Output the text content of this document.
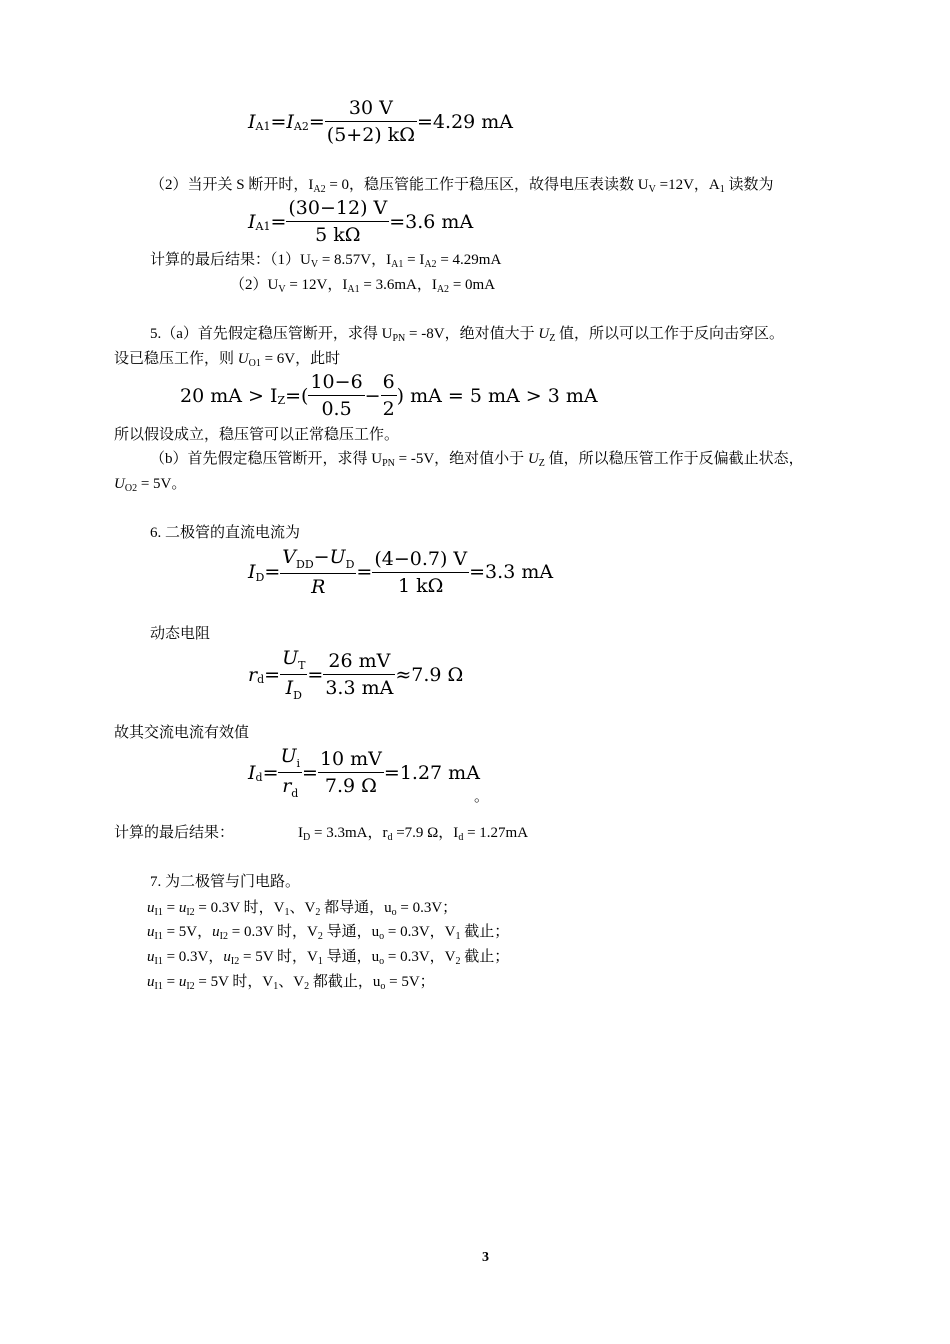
I A1 = I $A2 = \frac{30 V}{(5+2) k\Omega} =4.29$ mA
（2）当开关 S 断开时，$I_{A2} = 0$，稳压管能工作于稳压区，故得电压表读数 $U_V =12V$，$A_1$ 读数为
I $A1 = \frac{(30-12) V}{5 k\Omega} =3.6$ mA
计算的最后结果：$(1)U_V = 8.57V$，$I_{A1} = I_{A2} = 4.29mA$
$(2)U_V = 12V$，$I_{A1} = 3.6mA$，$I_{A2} = 0mA$
5.（a）首先假定稳压管断开，求得 $U_{PN} = -8V$，绝对值大于 $U_Z$ 值，所以可以工作于反向击穿区。
设已稳压工作，则 $U_{O1} = 6V$，此时
20 mA > I Z =( $\frac{10-6}{0.5} - \frac{6}{2}$ ) mA = 5 mA > 3 mA
所以假设成立，稳压管可以正常稳压工作。
（b）首先假定稳压管断开，求得 $U_{PN} = -5V$，绝对值小于 $U_Z$ 值，所以稳压管工作于反偏截止状态，
$U_{O2} = 5V$。
6. 二极管的直流电流为
I $D = \frac{V_{DD}-U_D}{R} = \frac{(4-0.7) V}{1 k\Omega} =3.3$ mA
动态电阻
r $d = \frac{U_T}{I_D} = \frac{26 mV}{3.3 mA} \approx 7.9$ Ω
故其交流电流有效值
I $d = \frac{U_i}{r_d} = \frac{10 mV}{7.9 \Omega} =1.27$ mA
。
计算的最后结果：	$I_D = 3.3mA$，$r_d =7.9$ Ω，$I_d = 1.27mA$
7. 为二极管与门电路。
$u_{I1} = u_{I2} = 0.3V$ 时，$V_1$、$V_2$ 都导通，$u_o = 0.3V$；
$u_{I1} = 5V$，$u_{I2} = 0.3V$ 时，$V_2$ 导通，$u_o = 0.3V$，$V_1$ 截止；
$u_{I1} = 0.3V$，$u_{I2} = 5V$ 时，$V_1$ 导通，$u_o = 0.3V$，$V_2$ 截止；
$u_{I1} = u_{I2} = 5V$ 时，$V_1$、$V_2$ 都截止，$u_o = 5V$；
3
